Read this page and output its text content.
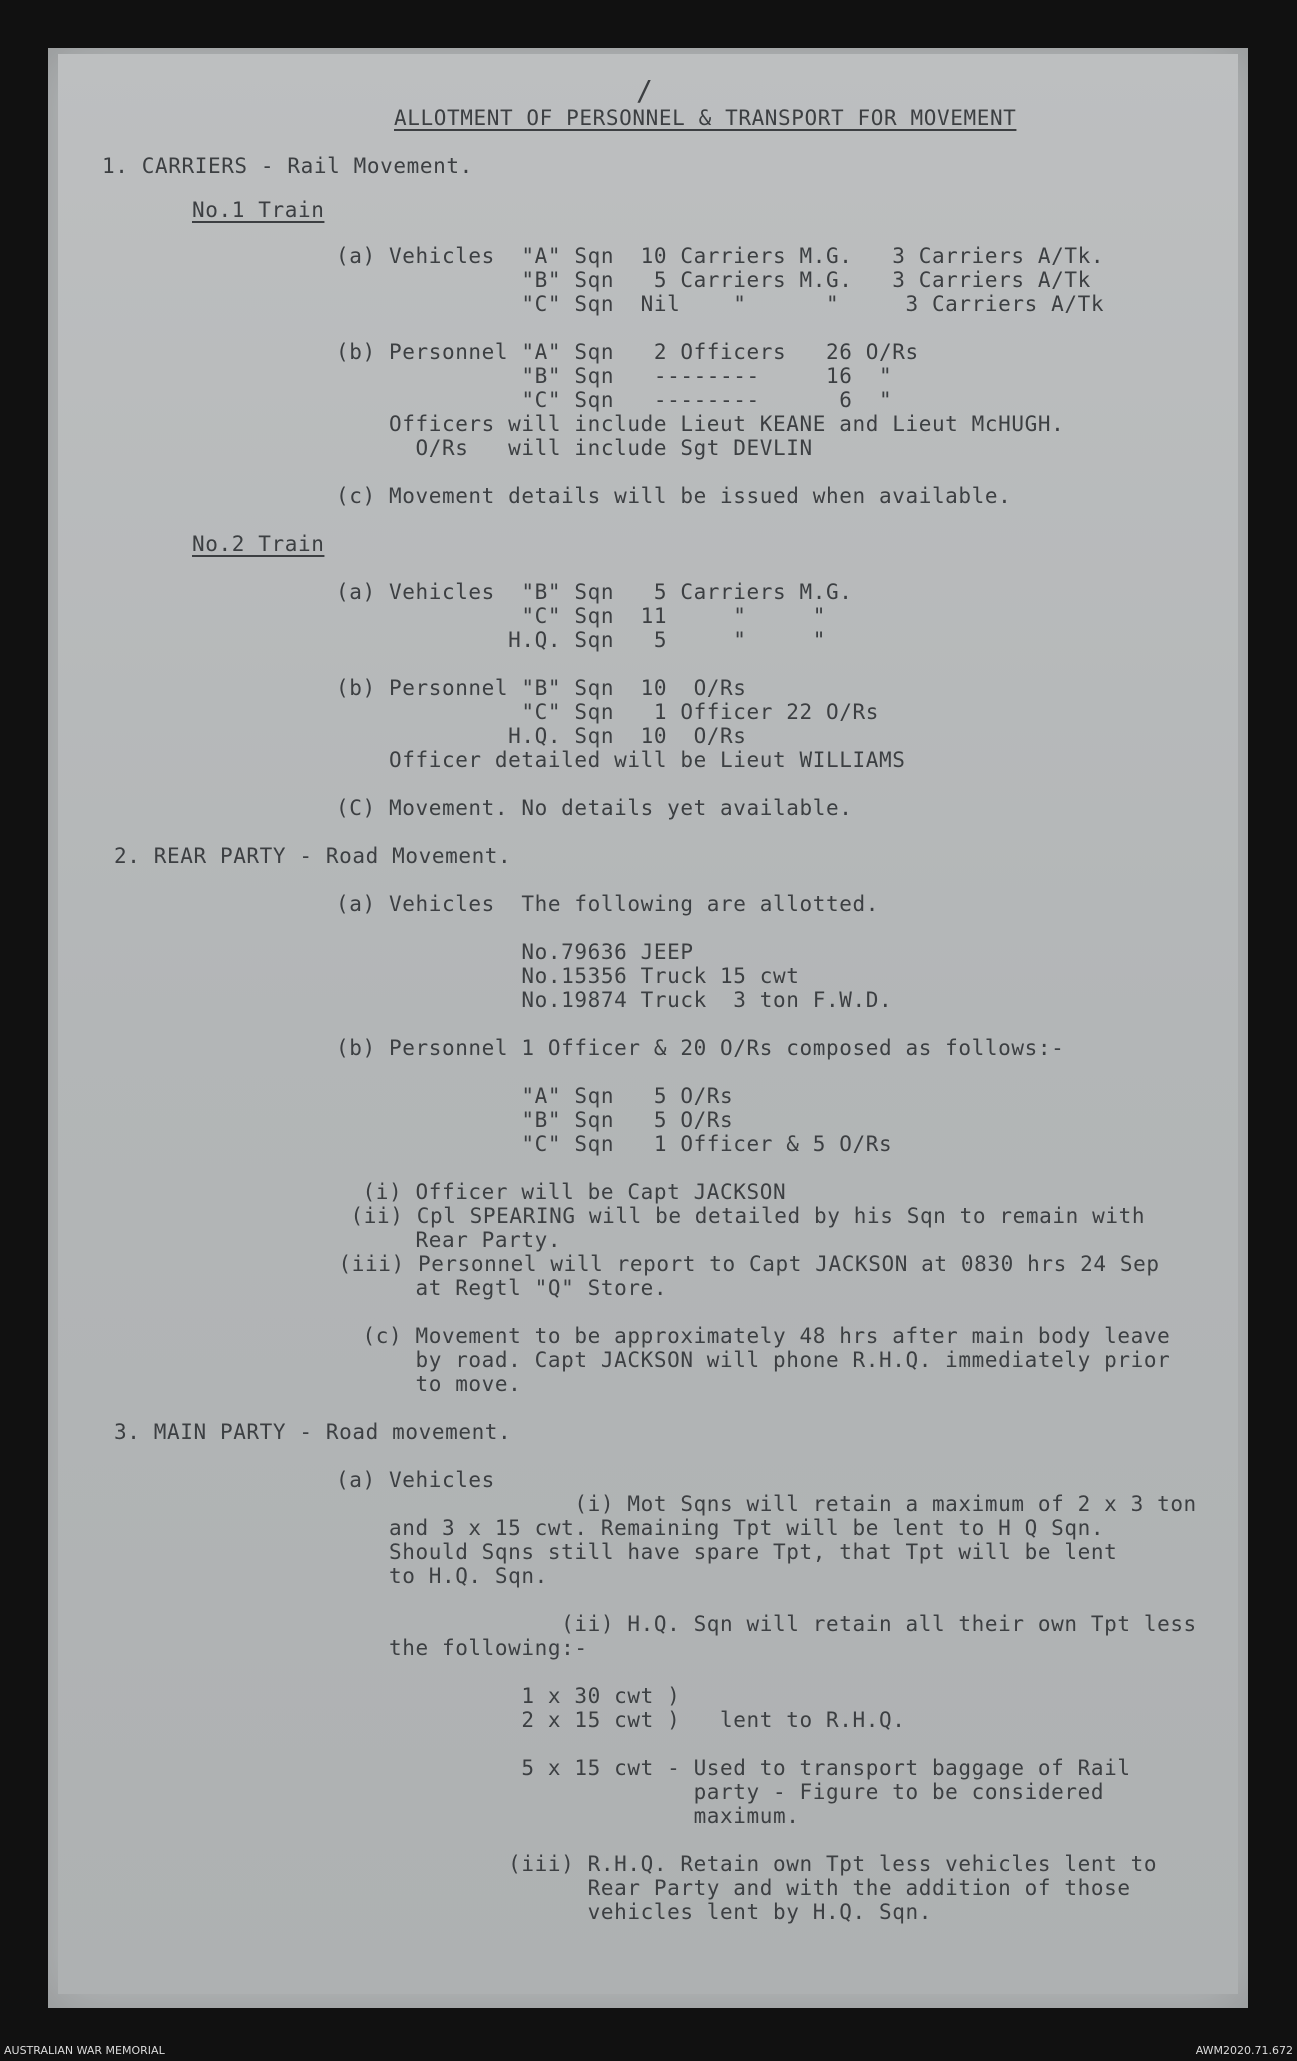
/

ALLOTMENT OF PERSONNEL & TRANSPORT FOR MOVEMENT

1. CARRIERS - Rail Movement.

No.1 Train

(a) Vehicles  "A" Sqn  10 Carriers M.G.   3 Carriers A/Tk.

"B" Sqn   5 Carriers M.G.   3 Carriers A/Tk

"C" Sqn  Nil    "      "     3 Carriers A/Tk

(b) Personnel "A" Sqn   2 Officers   26 O/Rs

"B" Sqn   --------     16  "

"C" Sqn   --------      6  "

Officers will include Lieut KEANE and Lieut McHUGH.

O/Rs   will include Sgt DEVLIN

(c) Movement details will be issued when available.

No.2 Train

(a) Vehicles  "B" Sqn   5 Carriers M.G.

"C" Sqn  11     "     "

H.Q. Sqn   5     "     "

(b) Personnel "B" Sqn  10  O/Rs

"C" Sqn   1 Officer 22 O/Rs

H.Q. Sqn  10  O/Rs

Officer detailed will be Lieut WILLIAMS

(C) Movement. No details yet available.

2. REAR PARTY - Road Movement.

(a) Vehicles  The following are allotted.

No.79636 JEEP

No.15356 Truck 15 cwt

No.19874 Truck  3 ton F.W.D.

(b) Personnel 1 Officer & 20 O/Rs composed as follows:-

"A" Sqn   5 O/Rs

"B" Sqn   5 O/Rs

"C" Sqn   1 Officer & 5 O/Rs

(i) Officer will be Capt JACKSON

(ii) Cpl SPEARING will be detailed by his Sqn to remain with

Rear Party.

(iii) Personnel will report to Capt JACKSON at 0830 hrs 24 Sep

at Regtl "Q" Store.

(c) Movement to be approximately 48 hrs after main body leave

by road. Capt JACKSON will phone R.H.Q. immediately prior

to move.

3. MAIN PARTY - Road movement.

(a) Vehicles

(i) Mot Sqns will retain a maximum of 2 x 3 ton

and 3 x 15 cwt. Remaining Tpt will be lent to H Q Sqn.

Should Sqns still have spare Tpt, that Tpt will be lent

to H.Q. Sqn.

(ii) H.Q. Sqn will retain all their own Tpt less

the following:-

1 x 30 cwt )

2 x 15 cwt )   lent to R.H.Q.

5 x 15 cwt - Used to transport baggage of Rail

party - Figure to be considered

maximum.

(iii) R.H.Q. Retain own Tpt less vehicles lent to

Rear Party and with the addition of those

vehicles lent by H.Q. Sqn.

AUSTRALIAN WAR MEMORIAL	AWM2020.71.672
